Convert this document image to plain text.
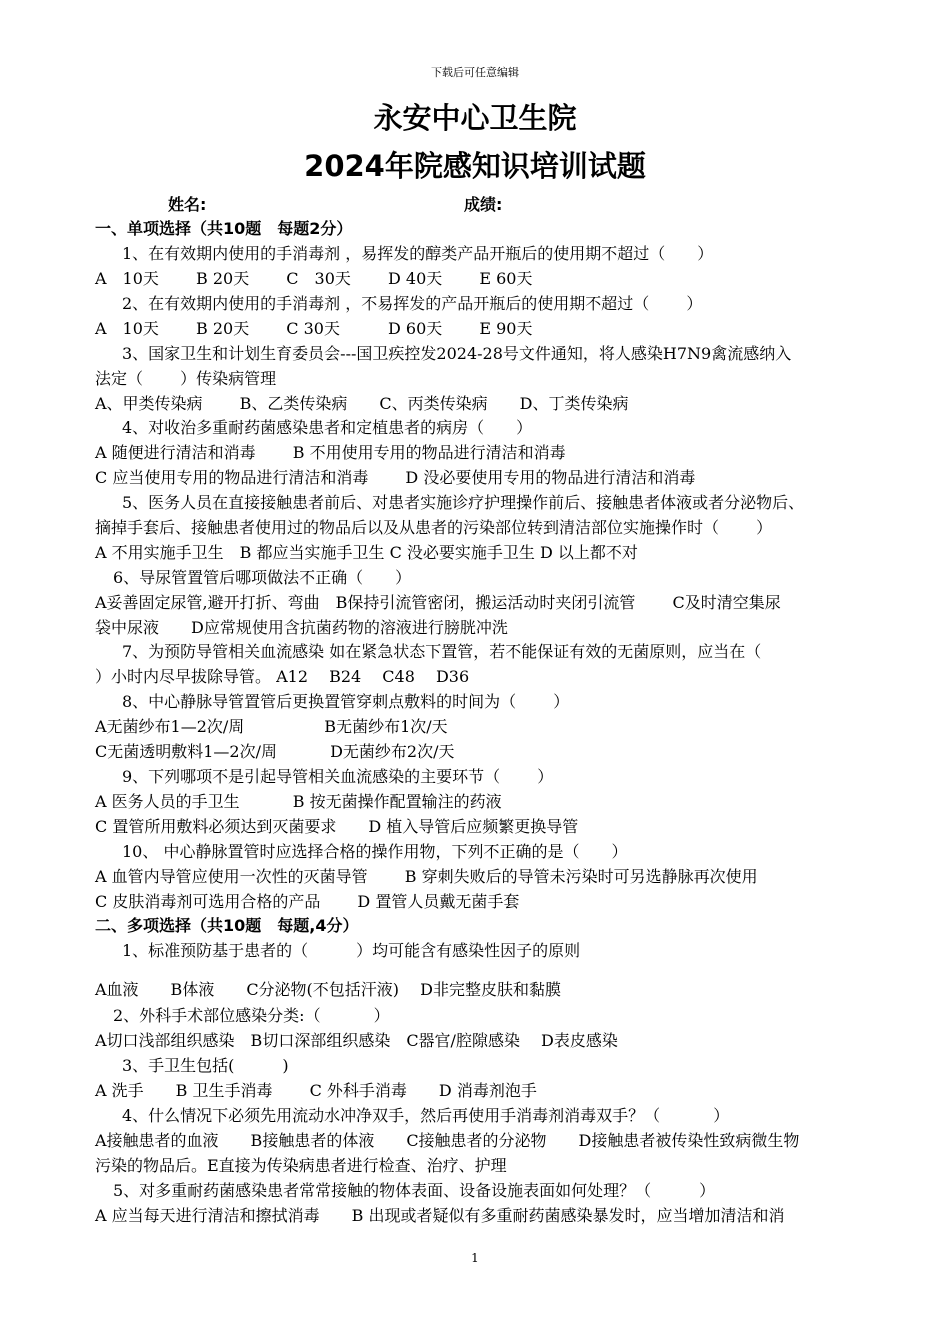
下载后可任意编辑
永安中心卫生院
2024年院感知识培训试题
姓名:	成绩:
一、单项选择（共10题　每题2分）
1、在有效期内使用的手消毒剂 ，易挥发的醇类产品开瓶后的使用期不超过（　　）
A　10天　　 B 20天　　 C　30天　　 D 40天　　 E 60天
2、在有效期内使用的手消毒剂 ，不易挥发的产品开瓶后的使用期不超过（　　 ）
A　10天　　 B 20天　　 C 30天　　　D 60天　　 E 90天
3、国家卫生和计划生育委员会---国卫疾控发2024-28号文件通知，将人感染H7N9禽流感纳入
法定（　　 ）传染病管理
A、甲类传染病　　 B、乙类传染病　　C、丙类传染病　　D、丁类传染病
4、对收治多重耐药菌感染患者和定植患者的病房（　　）
A 随便进行清洁和消毒　　 B 不用使用专用的物品进行清洁和消毒
C 应当使用专用的物品进行清洁和消毒　　 D 没必要使用专用的物品进行清洁和消毒
5、医务人员在直接接触患者前后、对患者实施诊疗护理操作前后、接触患者体液或者分泌物后、
摘掉手套后、接触患者使用过的物品后以及从患者的污染部位转到清洁部位实施操作时（　　 ）
A 不用实施手卫生　B 都应当实施手卫生 C 没必要实施手卫生 D 以上都不对
6、导尿管置管后哪项做法不正确（　　）
A妥善固定尿管,避开打折、弯曲　B保持引流管密闭，搬运活动时夹闭引流管　　 C及时清空集尿
袋中尿液　　D应常规使用含抗菌药物的溶液进行膀胱冲洗
7、为预防导管相关血流感染 如在紧急状态下置管，若不能保证有效的无菌原则，应当在（
）小时内尽早拔除导管。 A12　 B24　 C48　 D36
8、中心静脉导管置管后更换置管穿刺点敷料的时间为（　　 ）
A无菌纱布1—2次/周　　　　　B无菌纱布1次/天
C无菌透明敷料1—2次/周　　　 D无菌纱布2次/天
9、下列哪项不是引起导管相关血流感染的主要环节（　　 ）
A 医务人员的手卫生　　　 B 按无菌操作配置输注的药液
C 置管所用敷料必须达到灭菌要求　　D 植入导管后应频繁更换导管
10、 中心静脉置管时应选择合格的操作用物，下列不正确的是（　　）
A 血管内导管应使用一次性的灭菌导管　　 B 穿刺失败后的导管未污染时可另选静脉再次使用
C 皮肤消毒剂可选用合格的产品　　 D 置管人员戴无菌手套
二、多项选择（共10题　每题,4分）
1、标准预防基于患者的（　　　）均可能含有感染性因子的原则
A血液　　B体液　　C分泌物(不包括汗液)　 D非完整皮肤和黏膜
2、外科手术部位感染分类:（　　　 ）
A切口浅部组织感染　B切口深部组织感染　C器官/腔隙感染　 D表皮感染
3、手卫生包括(　　　)
A 洗手　　B 卫生手消毒　　 C 外科手消毒　　D 消毒剂泡手
4、什么情况下必须先用流动水冲净双手，然后再使用手消毒剂消毒双手？（　　　 ）
A接触患者的血液　　B接触患者的体液　　C接触患者的分泌物　　D接触患者被传染性致病微生物
污染的物品后。E直接为传染病患者进行检查、治疗、护理
5、对多重耐药菌感染患者常常接触的物体表面、设备设施表面如何处理？（　　　）
A 应当每天进行清洁和擦拭消毒　　B 出现或者疑似有多重耐药菌感染暴发时，应当增加清洁和消
1
